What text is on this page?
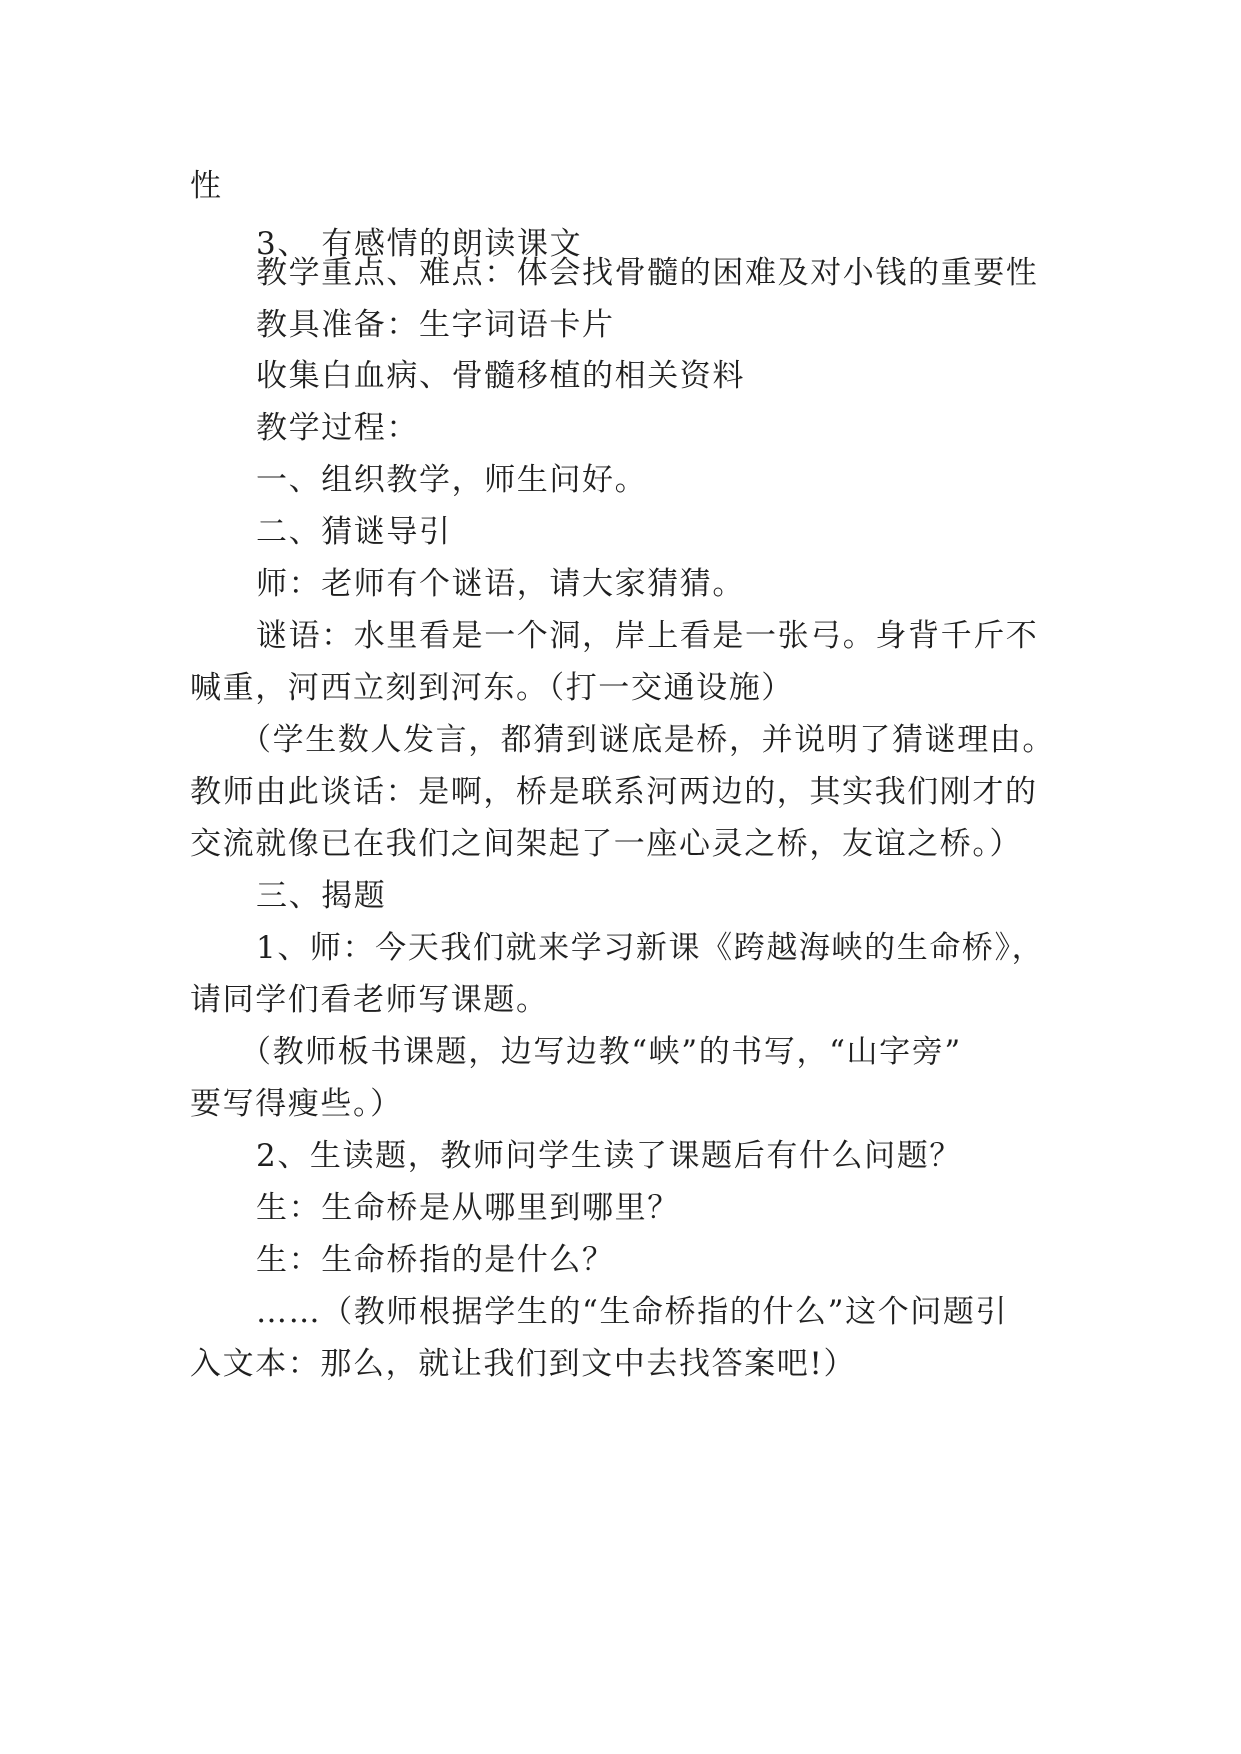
性
3、 有感情的朗读课文
教学重点、难点：体会找骨髓的困难及对小钱的重要性
教具准备：生字词语卡片
收集白血病、骨髓移植的相关资料
教学过程：
一、组织教学，师生问好。
二、猜谜导引
师：老师有个谜语，请大家猜猜。
谜语：水里看是一个洞，岸上看是一张弓。身背千斤不
喊重，河西立刻到河东。（打一交通设施）
（学生数人发言，都猜到谜底是桥，并说明了猜谜理由。
教师由此谈话：是啊，桥是联系河两边的，其实我们刚才的
交流就像已在我们之间架起了一座心灵之桥，友谊之桥。）
三、揭题
1、师：今天我们就来学习新课《跨越海峡的生命桥》，
请同学们看老师写课题。
（教师板书课题，边写边教“峡”的书写，“山字旁”
要写得瘦些。）
2、生读题，教师问学生读了课题后有什么问题？
生：生命桥是从哪里到哪里？
生：生命桥指的是什么？
……（教师根据学生的“生命桥指的什么”这个问题引
入文本：那么，就让我们到文中去找答案吧!）
